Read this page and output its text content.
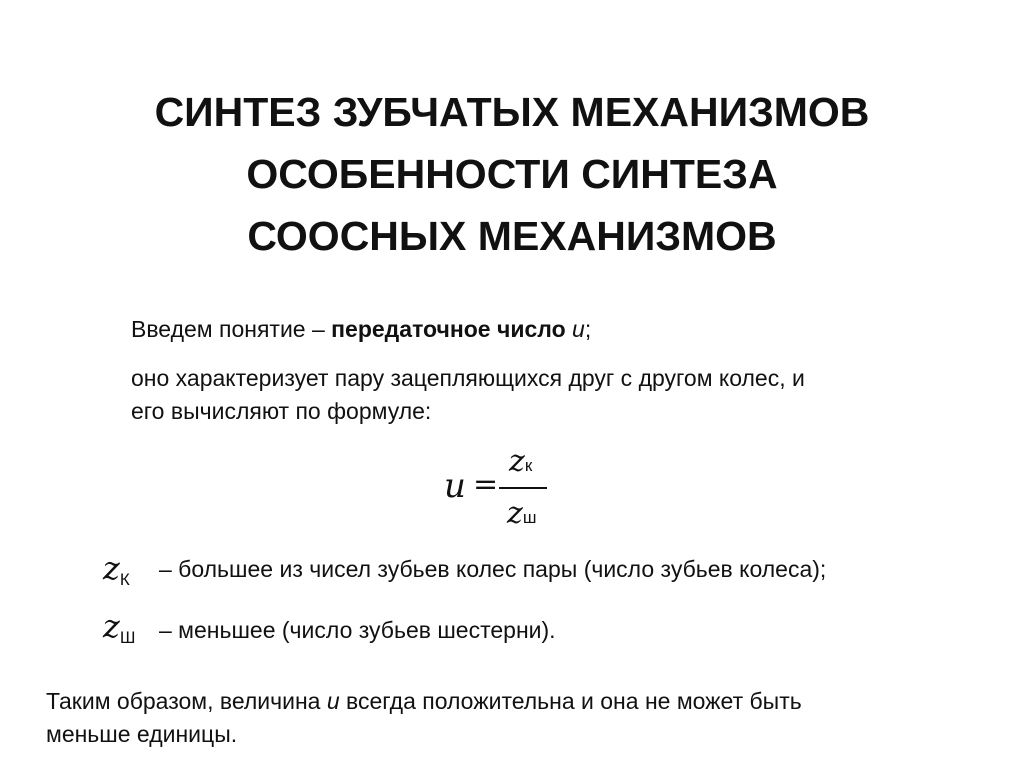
СИНТЕЗ ЗУБЧАТЫХ МЕХАНИЗМОВ
ОСОБЕННОСТИ СИНТЕЗА
СООСНЫХ МЕХАНИЗМОВ
Введем понятие – передаточное число u;
оно характеризует пару зацепляющихся друг с другом колес, и
его вычисляют по формуле:
u =
zк
zш
zК – большее из чисел зубьев колес пары (число зубьев колеса);
zШ – меньшее (число зубьев шестерни).
Таким образом, величина u всегда положительна и она не может быть
меньше единицы.
